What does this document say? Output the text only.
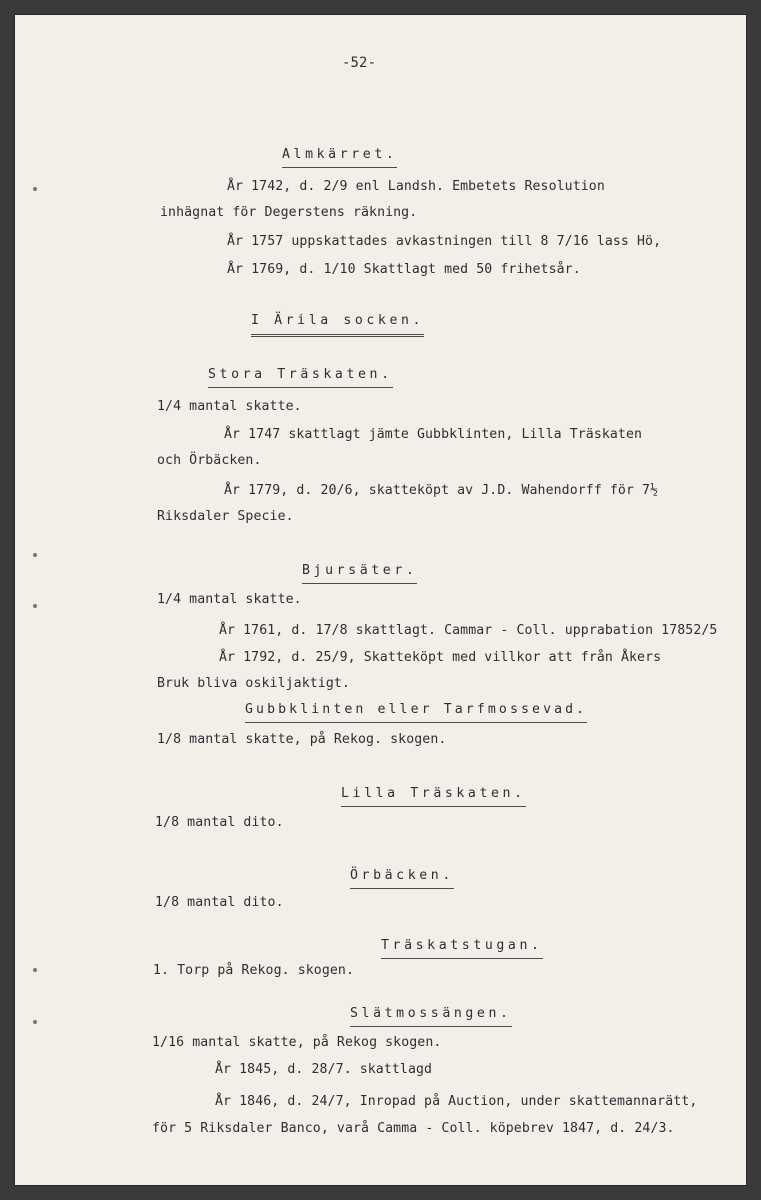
-52-
Almkärret.
År 1742, d. 2/9 enl Landsh. Embetets Resolution
inhägnat för Degerstens räkning.
År 1757 uppskattades avkastningen till 8 7/16 lass Hö,
År 1769, d. 1/10 Skattlagt med 50 frihetsår.
I Ärila socken.
Stora Träskaten.
1/4 mantal skatte.
År 1747 skattlagt jämte Gubbklinten, Lilla Träskaten
och Örbäcken.
År 1779, d. 20/6, skatteköpt av J.D. Wahendorff för 7½
Riksdaler Specie.
Bjursäter.
1/4 mantal skatte.
År 1761, d. 17/8 skattlagt. Cammar - Coll. upprabation 17852/5
År 1792, d. 25/9, Skatteköpt med villkor att från Åkers
Bruk bliva oskiljaktigt.
Gubbklinten eller Tarfmossevad.
1/8 mantal skatte, på Rekog. skogen.
Lilla Träskaten.
1/8 mantal dito.
Örbäcken.
1/8 mantal dito.
Träskatstugan.
1. Torp på Rekog. skogen.
Slätmossängen.
1/16 mantal skatte, på Rekog skogen.
År 1845, d. 28/7. skattlagd
År 1846, d. 24/7, Inropad på Auction, under skattemannarätt,
för 5 Riksdaler Banco, varå Camma - Coll. köpebrev 1847, d. 24/3.
